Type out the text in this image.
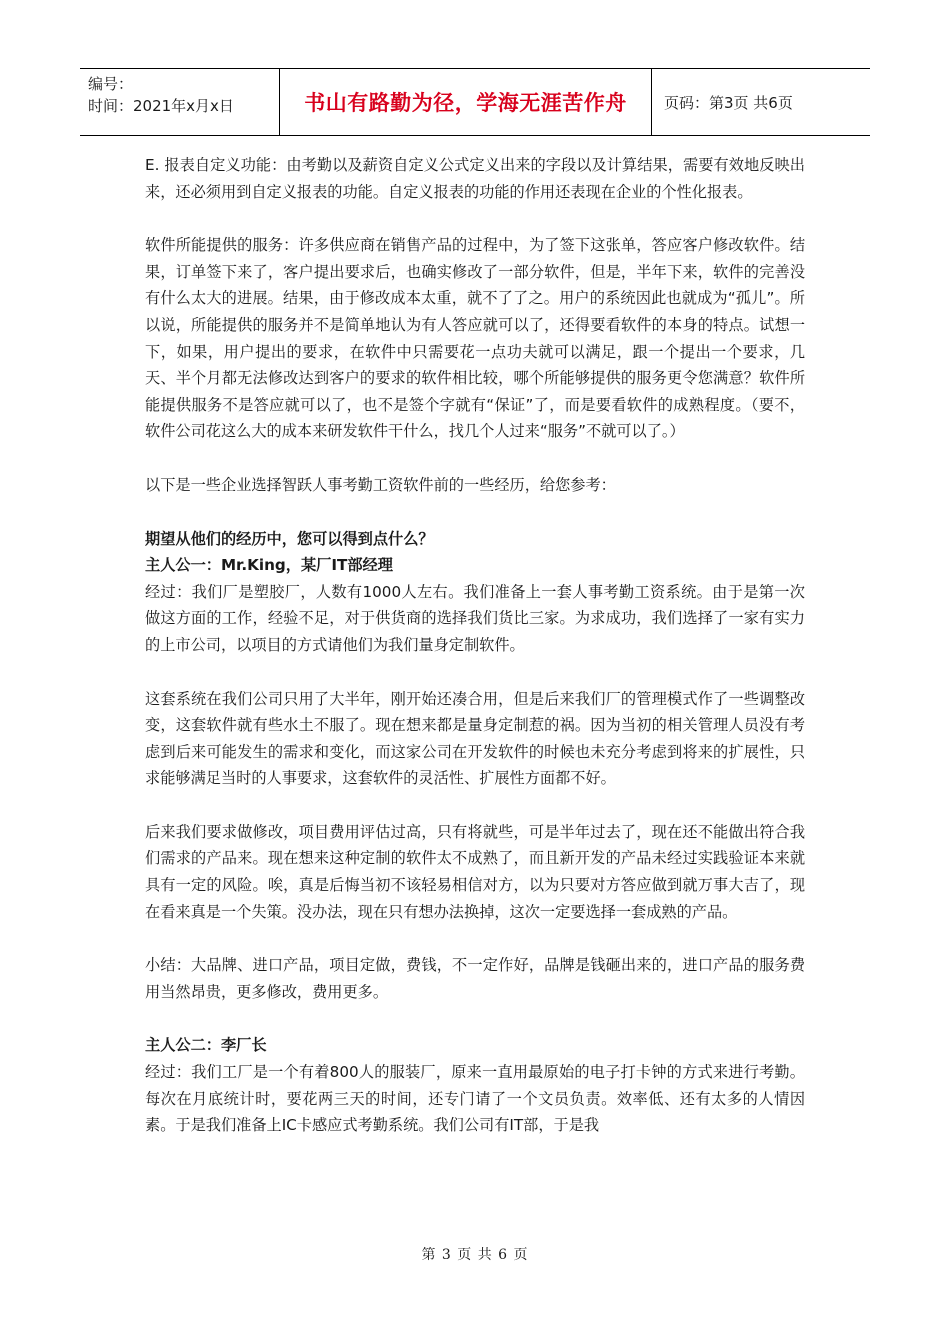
编号：
时间：2021年x月x日	书山有路勤为径，学海无涯苦作舟	页码：第3页 共6页

E. 报表自定义功能：由考勤以及薪资自定义公式定义出来的字段以及计算结果，需要有效地反映出来，还必须用到自定义报表的功能。自定义报表的功能的作用还表现在企业的个性化报表。

软件所能提供的服务：许多供应商在销售产品的过程中，为了签下这张单，答应客户修改软件。结果，订单签下来了，客户提出要求后，也确实修改了一部分软件，但是，半年下来，软件的完善没有什么太大的进展。结果，由于修改成本太重，就不了了之。用户的系统因此也就成为“孤儿”。所以说，所能提供的服务并不是简单地认为有人答应就可以了，还得要看软件的本身的特点。试想一下，如果，用户提出的要求，在软件中只需要花一点功夫就可以满足，跟一个提出一个要求，几天、半个月都无法修改达到客户的要求的软件相比较，哪个所能够提供的服务更令您满意？软件所能提供服务不是答应就可以了，也不是签个字就有“保证”了，而是要看软件的成熟程度。（要不，软件公司花这么大的成本来研发软件干什么，找几个人过来“服务”不就可以了。）

以下是一些企业选择智跃人事考勤工资软件前的一些经历，给您参考：

期望从他们的经历中，您可以得到点什么？

主人公一：Mr.King，某厂IT部经理

经过：我们厂是塑胶厂，人数有1000人左右。我们准备上一套人事考勤工资系统。由于是第一次做这方面的工作，经验不足，对于供货商的选择我们货比三家。为求成功，我们选择了一家有实力的上市公司，以项目的方式请他们为我们量身定制软件。

这套系统在我们公司只用了大半年，刚开始还凑合用，但是后来我们厂的管理模式作了一些调整改变，这套软件就有些水土不服了。现在想来都是量身定制惹的祸。因为当初的相关管理人员没有考虑到后来可能发生的需求和变化，而这家公司在开发软件的时候也未充分考虑到将来的扩展性，只求能够满足当时的人事要求，这套软件的灵活性、扩展性方面都不好。

后来我们要求做修改，项目费用评估过高，只有将就些，可是半年过去了，现在还不能做出符合我们需求的产品来。现在想来这种定制的软件太不成熟了，而且新开发的产品未经过实践验证本来就具有一定的风险。唉，真是后悔当初不该轻易相信对方，以为只要对方答应做到就万事大吉了，现在看来真是一个失策。没办法，现在只有想办法换掉，这次一定要选择一套成熟的产品。

小结：大品牌、进口产品，项目定做，费钱，不一定作好，品牌是钱砸出来的，进口产品的服务费用当然昂贵，更多修改，费用更多。

主人公二：李厂长

经过：我们工厂是一个有着800人的服装厂，原来一直用最原始的电子打卡钟的方式来进行考勤。每次在月底统计时，要花两三天的时间，还专门请了一个文员负责。效率低、还有太多的人情因素。于是我们准备上IC卡感应式考勤系统。我们公司有IT部，于是我

第 3 页 共 6 页
